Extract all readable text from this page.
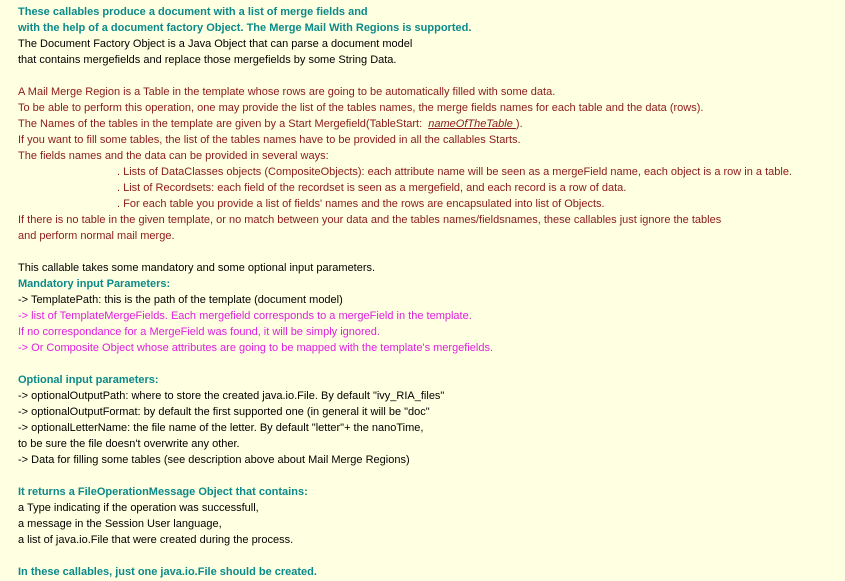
These callables produce a document with a list of merge fields and
with the help of a document factory Object. The Merge Mail With Regions is supported.
The Document Factory Object is a Java Object that can parse a document model
that contains mergefields and replace those mergefields by some String Data.
A Mail Merge Region is a Table in the template whose rows are going to be automatically filled with some data.
To be able to perform this operation, one may provide the list of the tables names, the merge fields names for each table and the data (rows).
The Names of the tables in the template are given by a Start Mergefield(TableStart:  nameOfTheTable ).
If you want to fill some tables, the list of the tables names have to be provided in all the callables Starts.
The fields names and the data can be provided in several ways:
. Lists of DataClasses objects (CompositeObjects): each attribute name will be seen as a mergeField name, each object is a row in a table.
. List of Recordsets: each field of the recordset is seen as a mergefield, and each record is a row of data.
. For each table you provide a list of fields' names and the rows are encapsulated into list of Objects.
If there is no table in the given template, or no match between your data and the tables names/fieldsnames, these callables just ignore the tables
and perform normal mail merge.
This callable takes some mandatory and some optional input parameters.
Mandatory input Parameters:
-> TemplatePath: this is the path of the template (document model)
-> list of TemplateMergeFields. Each mergefield corresponds to a mergeField in the template.
If no correspondance for a MergeField was found, it will be simply ignored.
-> Or Composite Object whose attributes are going to be mapped with the template's mergefields.
Optional input parameters:
-> optionalOutputPath: where to store the created java.io.File. By default "ivy_RIA_files"
-> optionalOutputFormat: by default the first supported one (in general it will be "doc"
-> optionalLetterName: the file name of the letter. By default "letter"+ the nanoTime,
to be sure the file doesn't overwrite any other.
-> Data for filling some tables (see description above about Mail Merge Regions)
It returns a FileOperationMessage Object that contains:
a Type indicating if the operation was successfull,
a message in the Session User language,
a list of java.io.File that were created during the process.
In these callables, just one java.io.File should be created.
